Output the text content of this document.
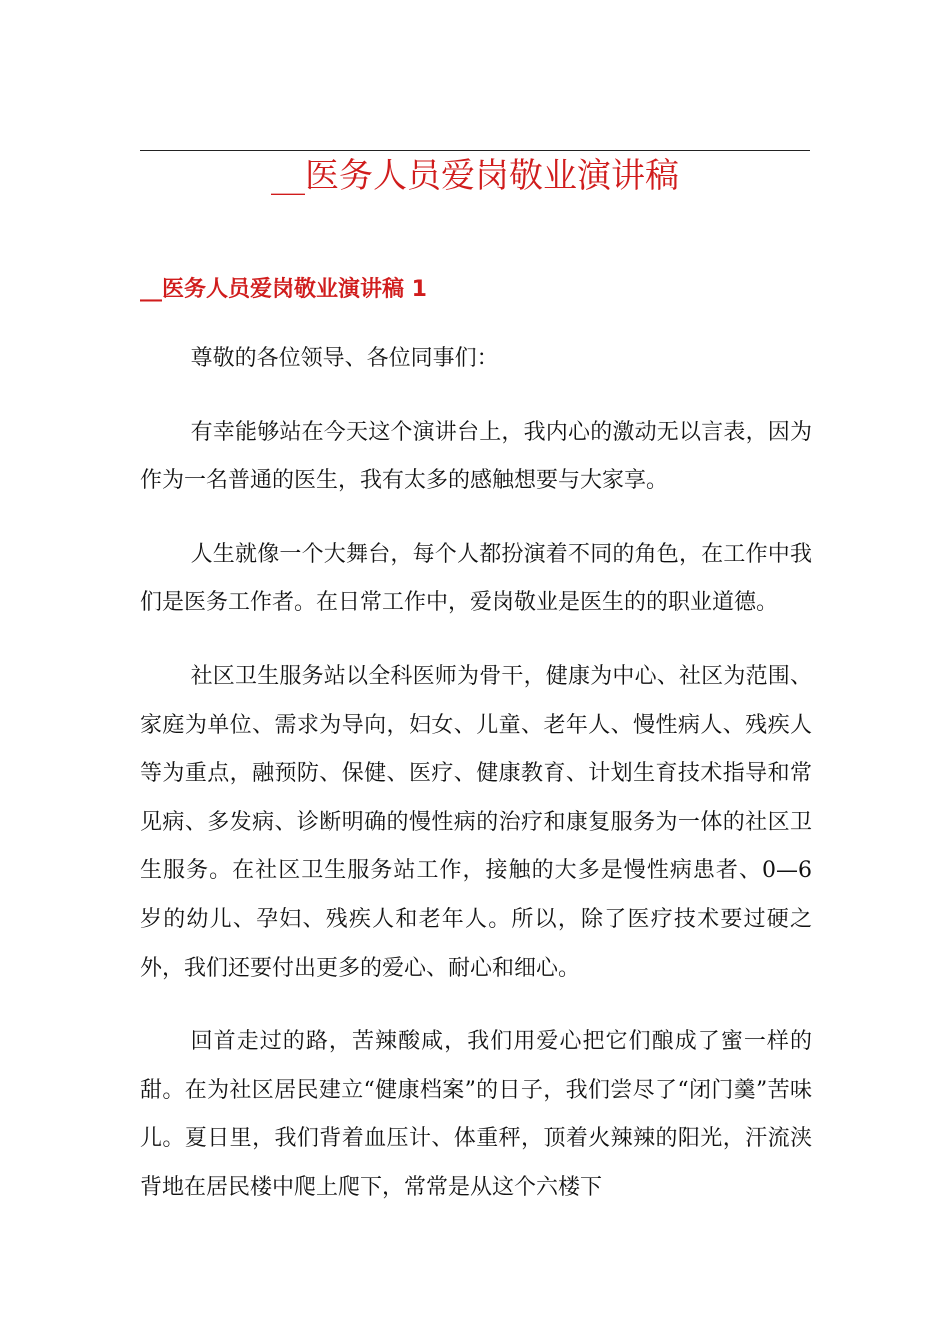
__医务人员爱岗敬业演讲稿
__医务人员爱岗敬业演讲稿 1

尊敬的各位领导、各位同事们：

有幸能够站在今天这个演讲台上，我内心的激动无以言表，因为作为一名普通的医生，我有太多的感触想要与大家享。

人生就像一个大舞台，每个人都扮演着不同的角色，在工作中我们是医务工作者。在日常工作中，爱岗敬业是医生的的职业道德。

社区卫生服务站以全科医师为骨干，健康为中心、社区为范围、家庭为单位、需求为导向，妇女、儿童、老年人、慢性病人、残疾人等为重点，融预防、保健、医疗、健康教育、计划生育技术指导和常见病、多发病、诊断明确的慢性病的治疗和康复服务为一体的社区卫生服务。在社区卫生服务站工作，接触的大多是慢性病患者、0—6 岁的幼儿、孕妇、残疾人和老年人。所以，除了医疗技术要过硬之外，我们还要付出更多的爱心、耐心和细心。

回首走过的路，苦辣酸咸，我们用爱心把它们酿成了蜜一样的甜。在为社区居民建立“健康档案”的日子，我们尝尽了“闭门羹”苦味儿。夏日里，我们背着血压计、体重秤，顶着火辣辣的阳光，汗流浃背地在居民楼中爬上爬下，常常是从这个六楼下
